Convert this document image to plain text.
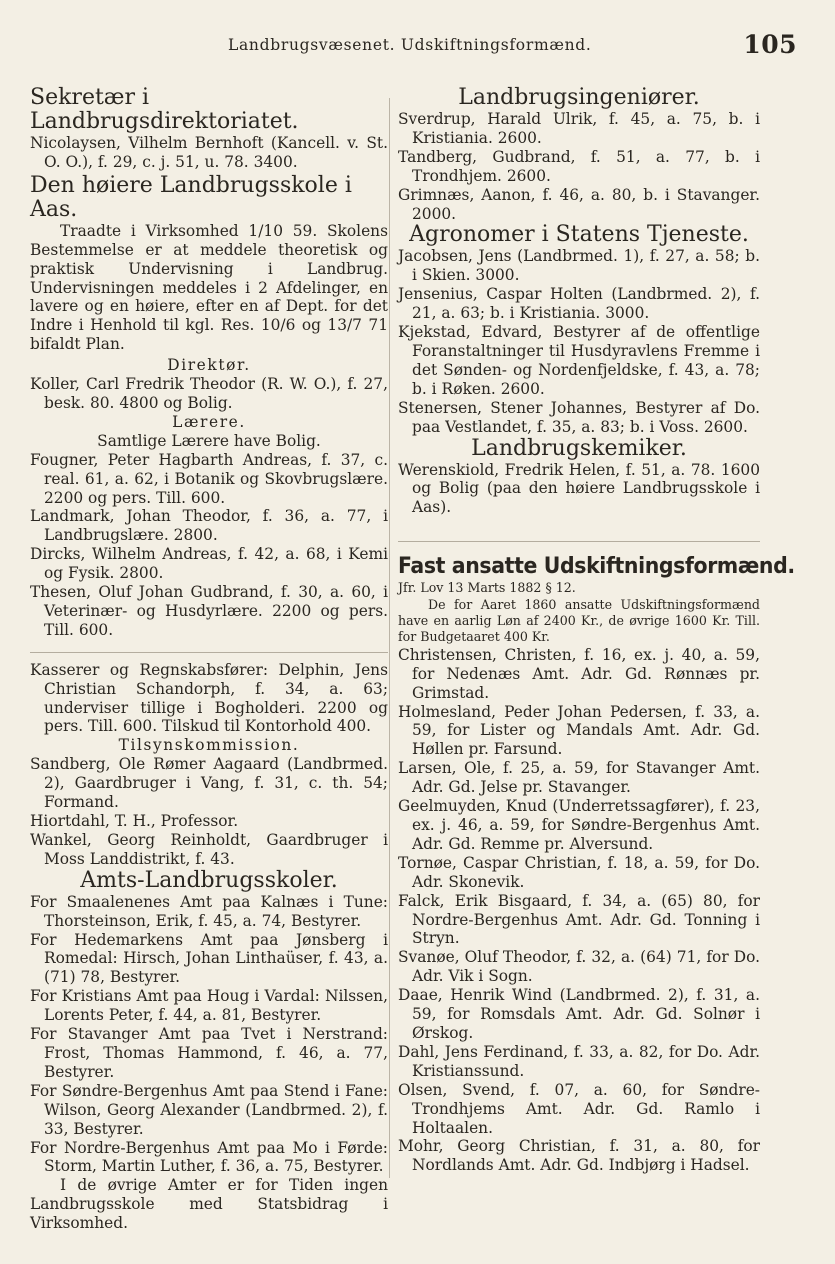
Landbrugsvæsenet. Udskiftningsformænd.	105

Sekretær i Landbrugsdirektoriatet.

Nicolaysen, Vilhelm Bernhoft (Kancell. v. St. O. O.), f. 29, c. j. 51, u. 78. 3400.

Den høiere Landbrugsskole i Aas.

Traadte i Virksomhed 1/10 59. Skolens Bestemmelse er at meddele theoretisk og praktisk Undervisning i Landbrug. Undervisningen meddeles i 2 Afdelinger, en lavere og en høiere, efter en af Dept. for det Indre i Henhold til kgl. Res. 10/6 og 13/7 71 bifaldt Plan.

Direktør.

Koller, Carl Fredrik Theodor (R. W. O.), f. 27, besk. 80. 4800 og Bolig.

Lærere.

Samtlige Lærere have Bolig.

Fougner, Peter Hagbarth Andreas, f. 37, c. real. 61, a. 62, i Botanik og Skovbrugslære. 2200 og pers. Till. 600.

Landmark, Johan Theodor, f. 36, a. 77, i Landbrugslære. 2800.

Dircks, Wilhelm Andreas, f. 42, a. 68, i Kemi og Fysik. 2800.

Thesen, Oluf Johan Gudbrand, f. 30, a. 60, i Veterinær- og Husdyrlære. 2200 og pers. Till. 600.

Kasserer og Regnskabsfører: Delphin, Jens Christian Schandorph, f. 34, a. 63; underviser tillige i Bogholderi. 2200 og pers. Till. 600. Tilskud til Kontorhold 400.

Tilsynskommission.

Sandberg, Ole Rømer Aagaard (Landbrmed. 2), Gaardbruger i Vang, f. 31, c. th. 54; Formand.

Hiortdahl, T. H., Professor.

Wankel, Georg Reinholdt, Gaardbruger i Moss Landdistrikt, f. 43.

Amts-Landbrugsskoler.

For Smaalenenes Amt paa Kalnæs i Tune: Thorsteinson, Erik, f. 45, a. 74, Bestyrer.

For Hedemarkens Amt paa Jønsberg i Romedal: Hirsch, Johan Linthaüser, f. 43, a. (71) 78, Bestyrer.

For Kristians Amt paa Houg i Vardal: Nilssen, Lorents Peter, f. 44, a. 81, Bestyrer.

For Stavanger Amt paa Tvet i Nerstrand: Frost, Thomas Hammond, f. 46, a. 77, Bestyrer.

For Søndre-Bergenhus Amt paa Stend i Fane: Wilson, Georg Alexander (Landbrmed. 2), f. 33, Bestyrer.

For Nordre-Bergenhus Amt paa Mo i Førde: Storm, Martin Luther, f. 36, a. 75, Bestyrer.

I de øvrige Amter er for Tiden ingen Landbrugsskole med Statsbidrag i Virksomhed.

Landbrugsingeniører.

Sverdrup, Harald Ulrik, f. 45, a. 75, b. i Kristiania. 2600.

Tandberg, Gudbrand, f. 51, a. 77, b. i Trondhjem. 2600.

Grimnæs, Aanon, f. 46, a. 80, b. i Stavanger. 2000.

Agronomer i Statens Tjeneste.

Jacobsen, Jens (Landbrmed. 1), f. 27, a. 58; b. i Skien. 3000.

Jensenius, Caspar Holten (Landbrmed. 2), f. 21, a. 63; b. i Kristiania. 3000.

Kjekstad, Edvard, Bestyrer af de offentlige Foranstaltninger til Husdyravlens Fremme i det Sønden- og Nordenfjeldske, f. 43, a. 78; b. i Røken. 2600.

Stenersen, Stener Johannes, Bestyrer af Do. paa Vestlandet, f. 35, a. 83; b. i Voss. 2600.

Landbrugskemiker.

Werenskiold, Fredrik Helen, f. 51, a. 78. 1600 og Bolig (paa den høiere Landbrugsskole i Aas).

Fast ansatte Udskiftningsformænd.

Jfr. Lov 13 Marts 1882 § 12.

De for Aaret 1860 ansatte Udskiftningsformænd have en aarlig Løn af 2400 Kr., de øvrige 1600 Kr. Till. for Budgetaaret 400 Kr.

Christensen, Christen, f. 16, ex. j. 40, a. 59, for Nedenæs Amt. Adr. Gd. Rønnæs pr. Grimstad.

Holmesland, Peder Johan Pedersen, f. 33, a. 59, for Lister og Mandals Amt. Adr. Gd. Høllen pr. Farsund.

Larsen, Ole, f. 25, a. 59, for Stavanger Amt. Adr. Gd. Jelse pr. Stavanger.

Geelmuyden, Knud (Underretssagfører), f. 23, ex. j. 46, a. 59, for Søndre-Bergenhus Amt. Adr. Gd. Remme pr. Alversund.

Tornøe, Caspar Christian, f. 18, a. 59, for Do. Adr. Skonevik.

Falck, Erik Bisgaard, f. 34, a. (65) 80, for Nordre-Bergenhus Amt. Adr. Gd. Tonning i Stryn.

Svanøe, Oluf Theodor, f. 32, a. (64) 71, for Do. Adr. Vik i Sogn.

Daae, Henrik Wind (Landbrmed. 2), f. 31, a. 59, for Romsdals Amt. Adr. Gd. Solnør i Ørskog.

Dahl, Jens Ferdinand, f. 33, a. 82, for Do. Adr. Kristianssund.

Olsen, Svend, f. 07, a. 60, for Søndre-Trondhjems Amt. Adr. Gd. Ramlo i Holtaalen.

Mohr, Georg Christian, f. 31, a. 80, for Nordlands Amt. Adr. Gd. Indbjørg i Hadsel.
